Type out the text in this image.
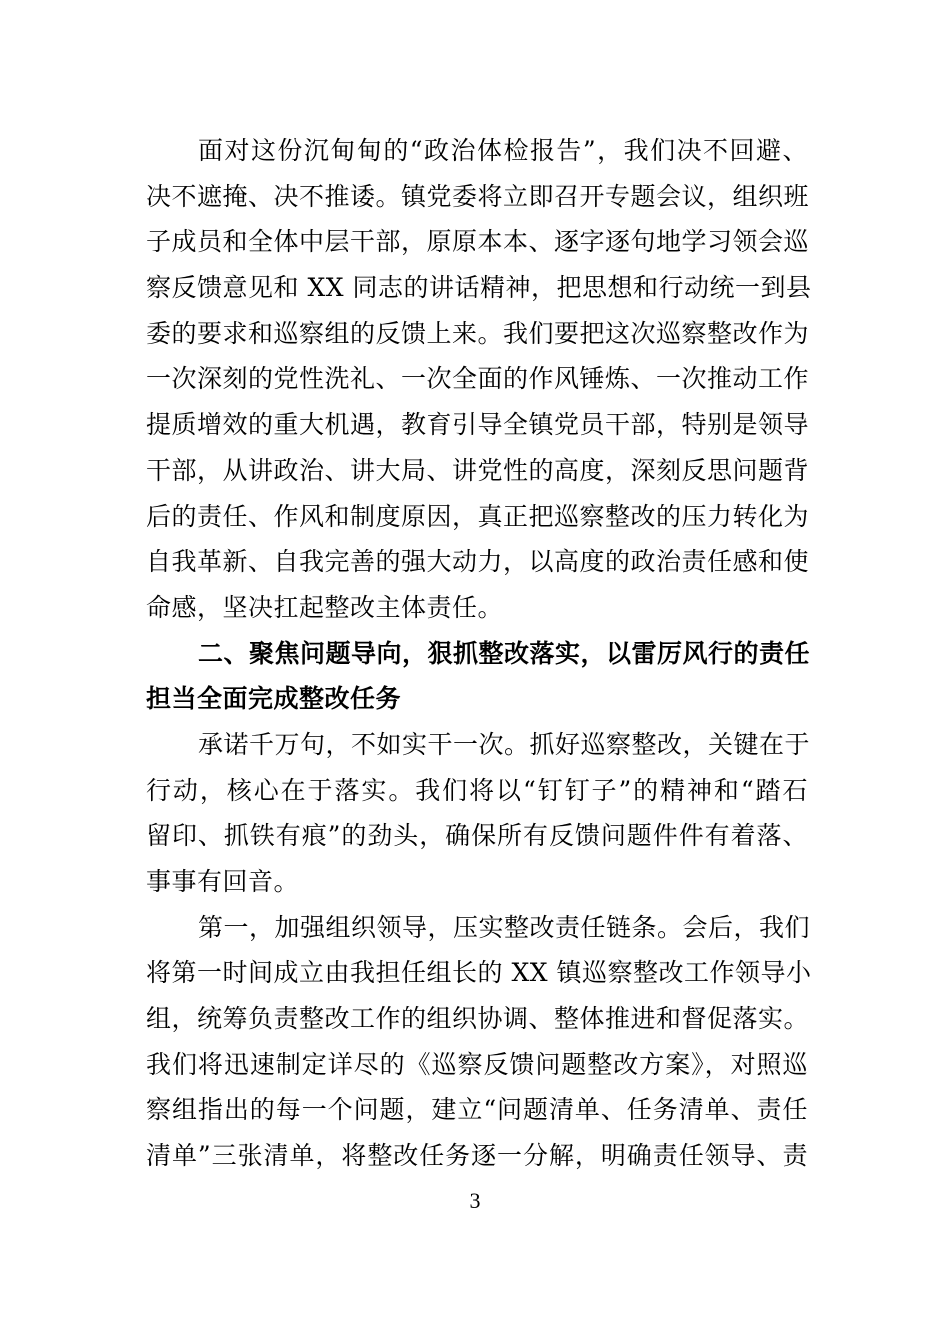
面对这份沉甸甸的“政治体检报告”，我们决不回避、
决不遮掩、决不推诿。镇党委将立即召开专题会议，组织班
子成员和全体中层干部，原原本本、逐字逐句地学习领会巡
察反馈意见和 XX 同志的讲话精神，把思想和行动统一到县
委的要求和巡察组的反馈上来。我们要把这次巡察整改作为
一次深刻的党性洗礼、一次全面的作风锤炼、一次推动工作
提质增效的重大机遇，教育引导全镇党员干部，特别是领导
干部，从讲政治、讲大局、讲党性的高度，深刻反思问题背
后的责任、作风和制度原因，真正把巡察整改的压力转化为
自我革新、自我完善的强大动力，以高度的政治责任感和使
命感，坚决扛起整改主体责任。
二、聚焦问题导向，狠抓整改落实，以雷厉风行的责任
担当全面完成整改任务
承诺千万句，不如实干一次。抓好巡察整改，关键在于
行动，核心在于落实。我们将以“钉钉子”的精神和“踏石
留印、抓铁有痕”的劲头，确保所有反馈问题件件有着落、
事事有回音。
第一，加强组织领导，压实整改责任链条。会后，我们
将第一时间成立由我担任组长的 XX 镇巡察整改工作领导小
组，统筹负责整改工作的组织协调、整体推进和督促落实。
我们将迅速制定详尽的《巡察反馈问题整改方案》，对照巡
察组指出的每一个问题，建立“问题清单、任务清单、责任
清单”三张清单，将整改任务逐一分解，明确责任领导、责
3
